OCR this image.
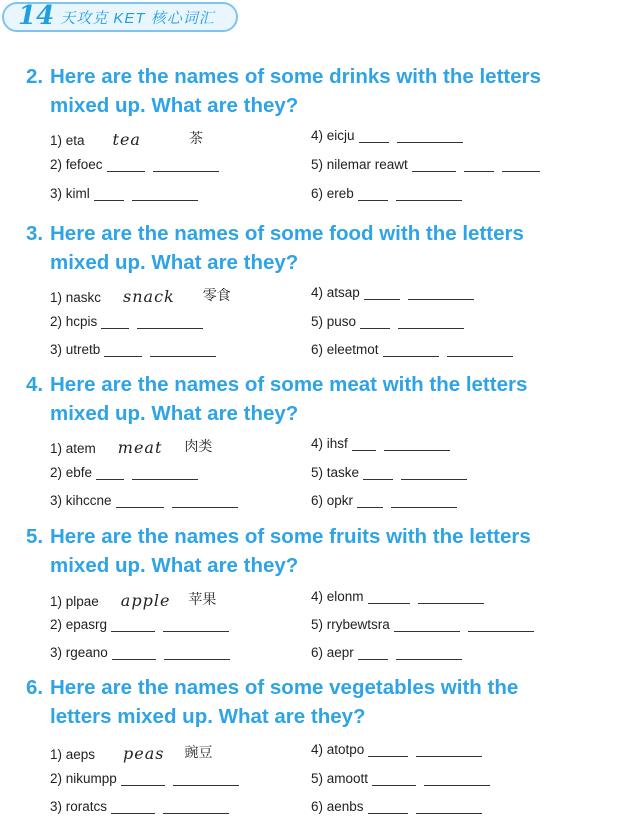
14 天攻克 KET 核心词汇
2. Here are the names of some drinks with the letters
mixed up. What are they?
1) eta tea	茶
2) fefoec
3) kiml
4) eicju
5) nilemar reawt
6) ereb
3. Here are the names of some food with the letters
mixed up. What are they?
1) naskc snack 零食
2) hcpis
3) utretb
4) atsap
5) puso
6) eleetmot
4. Here are the names of some meat with the letters
mixed up. What are they?
1) atem meat 肉类
2) ebfe
3) kihccne
4) ihsf
5) taske
6) opkr
5. Here are the names of some fruits with the letters
mixed up. What are they?
1) plpae apple 苹果
2) epasrg
3) rgeano
4) elonm
5) rrybewtsra
6) aepr
6. Here are the names of some vegetables with the
letters mixed up. What are they?
1) aeps peas 豌豆
2) nikumpp
3) roratcs
4) atotpo
5) amoott
6) aenbs
